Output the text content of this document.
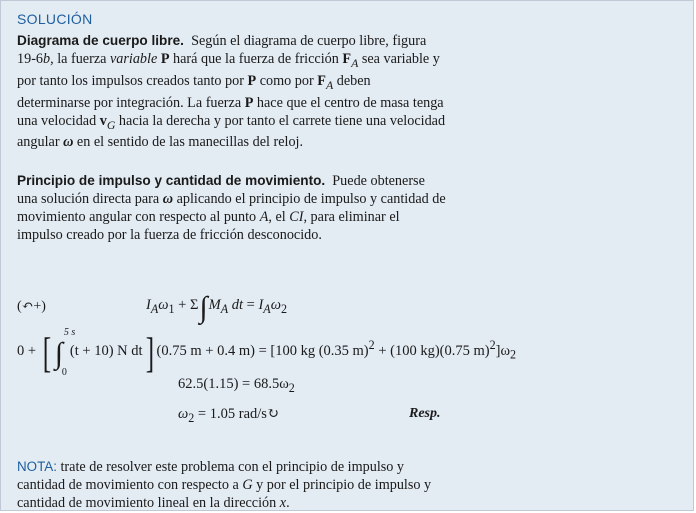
SOLUCIÓN
Diagrama de cuerpo libre. Según el diagrama de cuerpo libre, figura 19-6b, la fuerza variable P hará que la fuerza de fricción $F_A$ sea variable y por tanto los impulsos creados tanto por P como por $F_A$ deben determinarse por integración. La fuerza P hace que el centro de masa tenga una velocidad $v_G$ hacia la derecha y por tanto el carrete tiene una velocidad angular ω en el sentido de las manecillas del reloj.
Principio de impulso y cantidad de movimiento.  Puede obtenerse una solución directa para ω aplicando el principio de impulso y cantidad de movimiento angular con respecto al punto A, el CI, para eliminar el impulso creado por la fuerza de fricción desconocido.
(↶+)	$I_A\omega_1 + \Sigma\int M_A$ dt = $I_A\omega_2$
0 + [ ∫
5 s
0
(t + 10) N dt] (0.75 m + 0.4 m) = [100 kg (0.35 m)$^2$ + (100 kg)(0.75 $m)^2]\omega_2$
$62.5(1.15) = 68.5\omega_2$
$\omega_2 = 1.05$ rad/s↻	Resp.
NOTA: trate de resolver este problema con el principio de impulso y cantidad de movimiento con respecto a G y por el principio de impulso y cantidad de movimiento lineal en la dirección x.
